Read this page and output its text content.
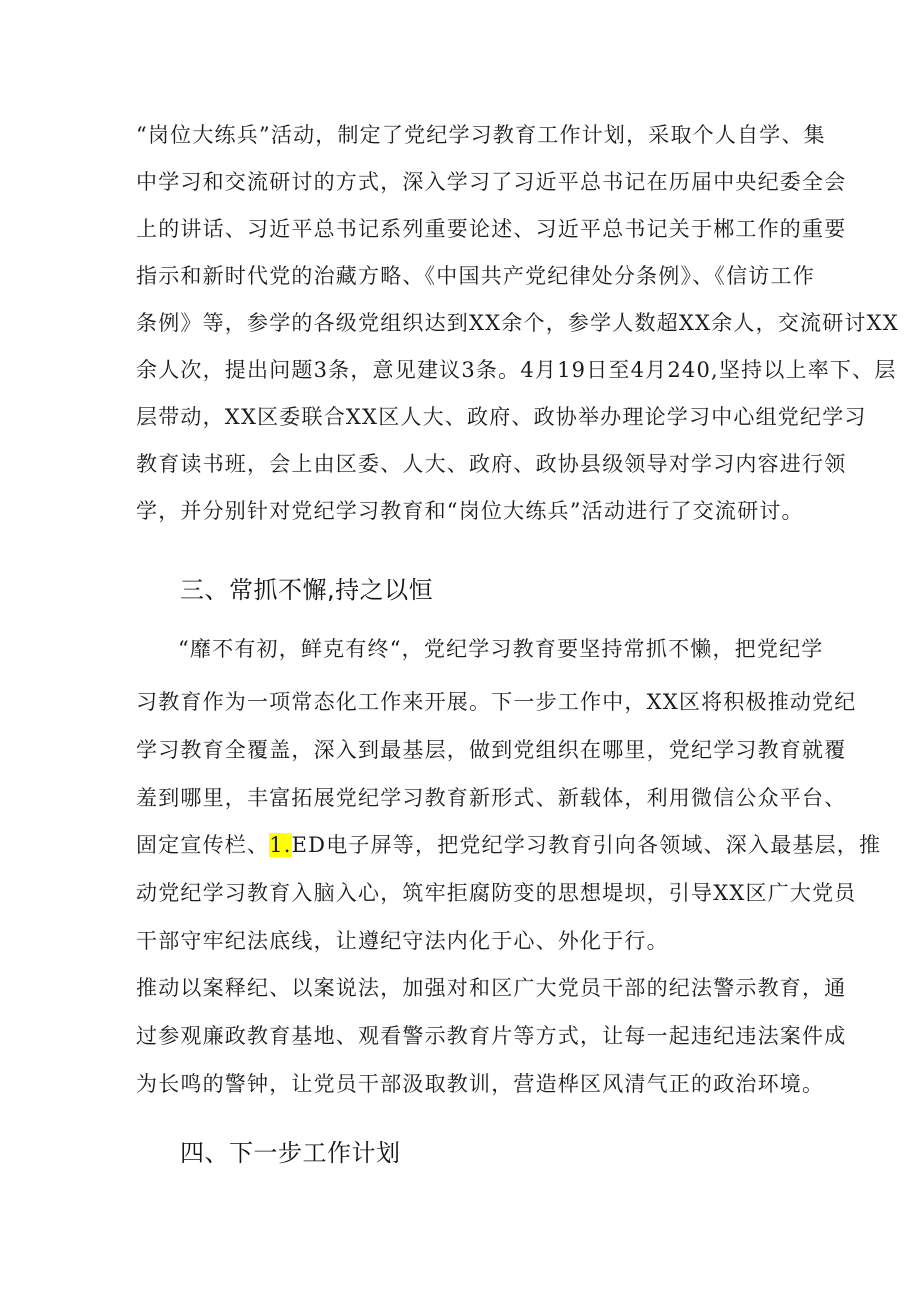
“岗位大练兵”活动，制定了党纪学习教育工作计划，采取个人自学、集
中学习和交流研讨的方式，深入学习了习近平总书记在历届中央纪委全会
上的讲话、习近平总书记系列重要论述、习近平总书记关于郴工作的重要
指示和新时代党的治藏方略、《中国共产党纪律处分条例》、《信访工作
条例》等，参学的各级党组织达到XX余个，参学人数超XX余人，交流研讨XX
余人次，提出问题3条，意见建议3条。4月19日至4月240,坚持以上率下、层
层带动，XX区委联合XX区人大、政府、政协举办理论学习中心组党纪学习
教育读书班，会上由区委、人大、政府、政协县级领导对学习内容进行领
学，并分别针对党纪学习教育和“岗位大练兵”活动进行了交流研讨。
三、常抓不懈,持之以恒
“靡不有初，鲜克有终“，党纪学习教育要坚持常抓不懒，把党纪学
习教育作为一项常态化工作来开展。下一步工作中，XX区将积极推动党纪
学习教育全覆盖，深入到最基层，做到党组织在哪里，党纪学习教育就覆
羞到哪里，丰富拓展党纪学习教育新形式、新载体，利用微信公众平台、
固定宣传栏、1.ED电子屏等，把党纪学习教育引向各领域、深入最基层，推
动党纪学习教育入脑入心，筑牢拒腐防变的思想堤坝，引导XX区广大党员
干部守牢纪法底线，让遵纪守法内化于心、外化于行。
推动以案释纪、以案说法，加强对和区广大党员干部的纪法警示教育，通
过参观廉政教育基地、观看警示教育片等方式，让每一起违纪违法案件成
为长鸣的警钟，让党员干部汲取教训，营造桦区风清气正的政治环境。
四、下一步工作计划
